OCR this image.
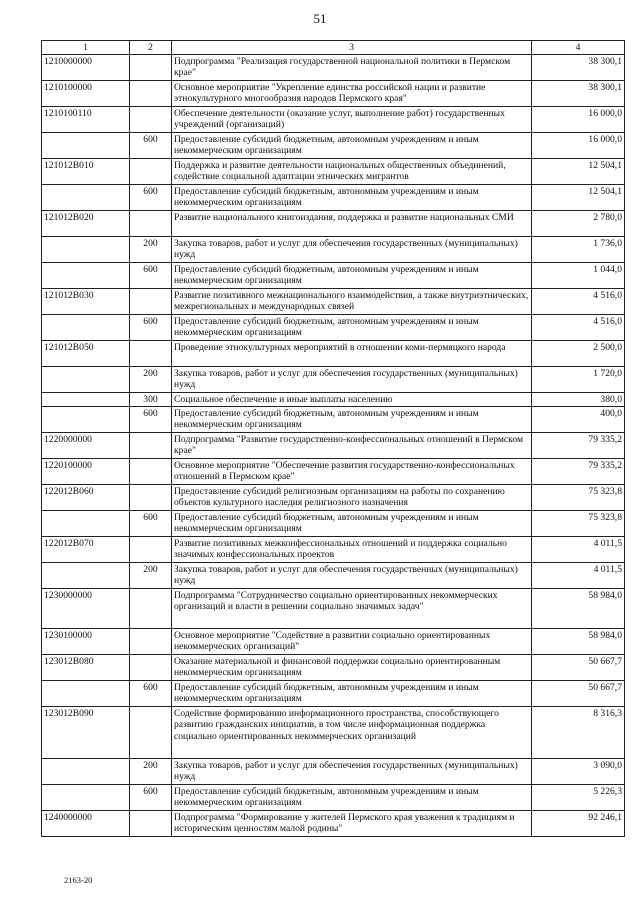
51
1	2	3	4
1210000000		Подпрограмма "Реализация государственной национальной политики в Пермском крае"	38 300,1
1210100000		Основное мероприятие "Укрепление единства российской нации и развитие этнокультурного многообразия народов Пермского края"	38 300,1
1210100110		Обеспечение деятельности (оказание услуг, выполнение работ) государственных учреждений (организаций)	16 000,0
	600	Предоставление субсидий бюджетным, автономным учреждениям и иным некоммерческим организациям	16 000,0
121012В010		Поддержка и развитие деятельности национальных общественных объединений, содействие социальной адаптации этнических мигрантов	12 504,1
	600	Предоставление субсидий бюджетным, автономным учреждениям и иным некоммерческим организациям	12 504,1
121012В020		Развитие национального книгоиздания, поддержка и развитие национальных СМИ	2 780,0
	200	Закупка товаров, работ и услуг для обеспечения государственных (муниципальных) нужд	1 736,0
	600	Предоставление субсидий бюджетным, автономным учреждениям и иным некоммерческим организациям	1 044,0
121012В030		Развитие позитивного межнационального взаимодействия, а также внутриэтнических, межрегиональных и международных связей	4 516,0
	600	Предоставление субсидий бюджетным, автономным учреждениям и иным некоммерческим организациям	4 516,0
121012В050		Проведение этнокультурных мероприятий в отношении коми-пермяцкого народа	2 500,0
	200	Закупка товаров, работ и услуг для обеспечения государственных (муниципальных) нужд	1 720,0
	300	Социальное обеспечение и иные выплаты населению	380,0
	600	Предоставление субсидий бюджетным, автономным учреждениям и иным некоммерческим организациям	400,0
1220000000		Подпрограмма "Развитие государственно-конфессиональных отношений в Пермском крае"	79 335,2
1220100000		Основное мероприятие "Обеспечение развития государственно-конфессиональных отношений в Пермском крае"	79 335,2
122012В060		Предоставление субсидий религиозным организациям на работы по сохранению объектов культурного наследия религиозного назначения	75 323,8
	600	Предоставление субсидий бюджетным, автономным учреждениям и иным некоммерческим организациям	75 323,8
122012В070		Развитие позитивных межконфессиональных отношений и поддержка социально значимых конфессиональных проектов	4 011,5
	200	Закупка товаров, работ и услуг для обеспечения государственных (муниципальных) нужд	4 011,5
1230000000		Подпрограмма "Сотрудничество социально ориентированных некоммерческих организаций и власти в решении социально значимых задач"	58 984,0
1230100000		Основное мероприятие "Содействие в развитии социально ориентированных некоммерческих организаций"	58 984,0
123012В080		Оказание материальной и финансовой поддержки социально ориентированным некоммерческим организациям	50 667,7
	600	Предоставление субсидий бюджетным, автономным учреждениям и иным некоммерческим организациям	50 667,7
123012В090		Содействие формированию информационного пространства, способствующего развитию гражданских инициатив, в том числе информационная поддержка социально ориентированных некоммерческих организаций	8 316,3
	200	Закупка товаров, работ и услуг для обеспечения государственных (муниципальных) нужд	3 090,0
	600	Предоставление субсидий бюджетным, автономным учреждениям и иным некоммерческим организациям	5 226,3
1240000000		Подпрограмма "Формирование у жителей Пермского края уважения к традициям и историческим ценностям малой родины"	92 246,1
2163-20
